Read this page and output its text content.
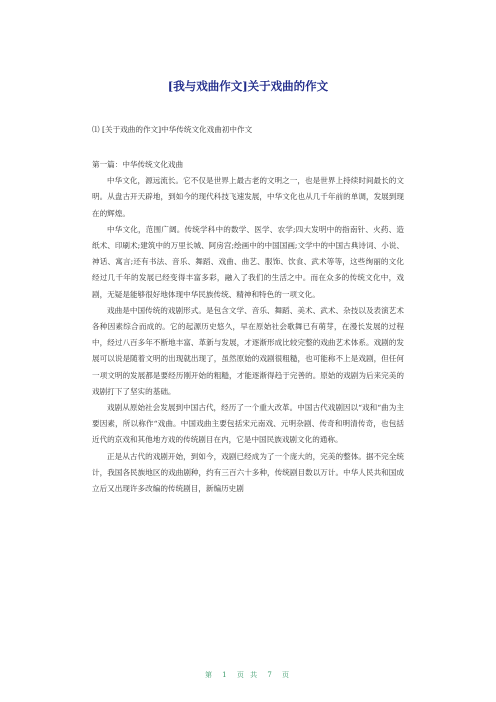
[我与戏曲作文]关于戏曲的作文
⑴ [关于戏曲的作文]中华传统文化戏曲初中作文

第一篇：中华传统文化戏曲

中华文化，源远流长。它不仅是世界上最古老的文明之一，也是世界上持续时间最长的文明。从盘古开天辟地，到如今的现代科技飞速发展，中华文化也从几千年前的单调，发展到现在的辉煌。

中华文化，范围广阔。传统学科中的数学、医学、农学;四大发明中的指南针、火药、造纸术、印刷术;建筑中的万里长城、阿房宫;绘画中的中国国画;文学中的中国古典诗词、小说、神话、寓言;还有书法、音乐、舞蹈、戏曲、曲艺、服饰、饮食、武术等等，这些绚丽的文化经过几千年的发展已经变得丰富多彩，融入了我们的生活之中。而在众多的传统文化中，戏剧，无疑是能够很好地体现中华民族传统、精神和特色的一项文化。

戏曲是中国传统的戏剧形式。是包含文学、音乐、舞蹈、美术、武术、杂技以及表演艺术各种因素综合而成的。它的起源历史悠久，早在原始社会歌舞已有萌芽，在漫长发展的过程中，经过八百多年不断地丰富、革新与发展，才逐渐形成比较完整的戏曲艺术体系。戏剧的发展可以说是随着文明的出现就出现了，虽然原始的戏剧很粗糙，也可能称不上是戏剧，但任何一项文明的发展都是要经历刚开始的粗糙，才能逐渐得趋于完善的。原始的戏剧为后来完美的戏剧打下了坚实的基础。

戏剧从原始社会发展到中国古代，经历了一个重大改革。中国古代戏剧因以“戏和“曲为主要因素，所以称作“戏曲。中国戏曲主要包括宋元南戏、元明杂剧、传奇和明清传奇，也包括近代的京戏和其他地方戏的传统剧目在内，它是中国民族戏剧文化的通称。

正是从古代的戏剧开始，到如今，戏剧已经成为了一个庞大的，完美的整体。据不完全统计，我国各民族地区的戏曲剧种，约有三百六十多种，传统剧目数以万计。中华人民共和国成立后又出现许多改编的传统剧目，新编历史剧

第 1 页 共 7 页
